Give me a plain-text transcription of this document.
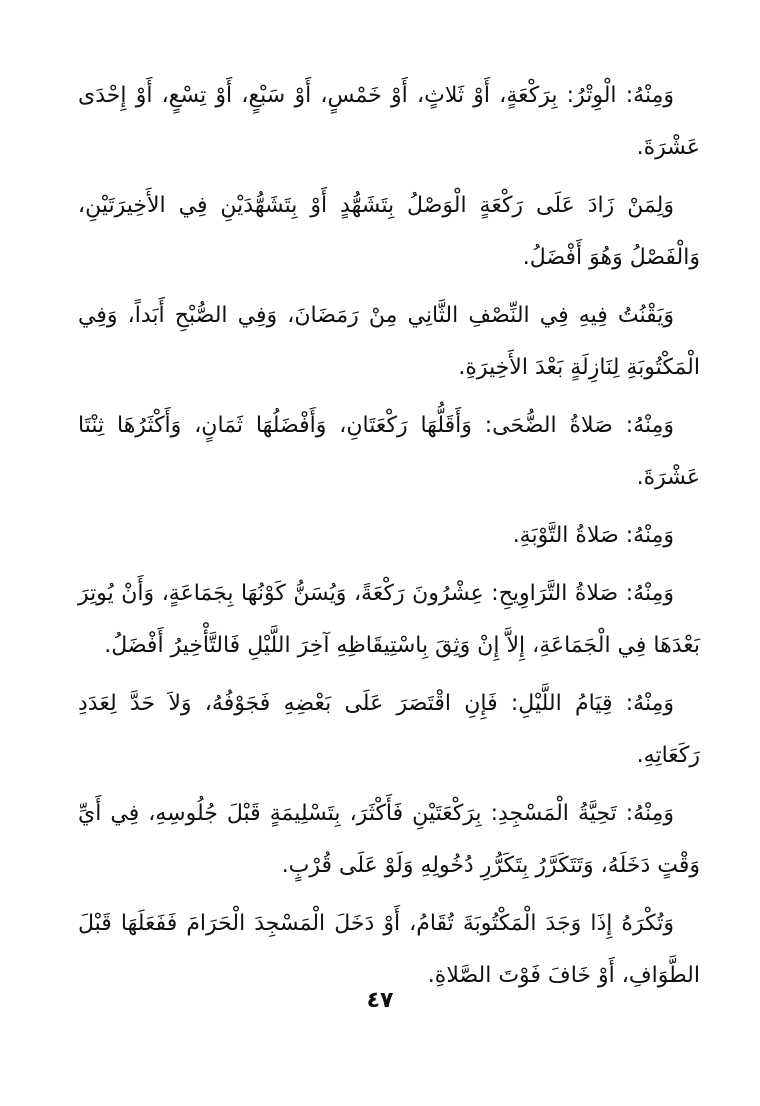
وَمِنْهُ: الْوِتْرُ: بِرَكْعَةٍ، أَوْ ثَلاثٍ، أَوْ خَمْسٍ، أَوْ سَبْعٍ، أَوْ تِسْعٍ، أَوْ إِحْدَى عَشْرَةَ.

وَلِمَنْ زَادَ عَلَى رَكْعَةٍ الْوَصْلُ بِتَشَهُّدٍ أَوْ بِتَشَهُّدَيْنِ فِي الأَخِيرَتَيْنِ، وَالْفَصْلُ وَهُوَ أَفْضَلُ.

وَيَقْنُتُ فِيهِ فِي النِّصْفِ الثَّانِي مِنْ رَمَضَانَ، وَفِي الصُّبْحِ أَبَداً، وَفِي الْمَكْتُوبَةِ لِنَازِلَةٍ بَعْدَ الأَخِيرَةِ.

وَمِنْهُ: صَلاةُ الضُّحَى: وَأَقَلُّهَا رَكْعَتَانِ، وَأَفْضَلُهَا ثَمَانٍ، وَأَكْثَرُهَا ثِنْتَا عَشْرَةَ.

وَمِنْهُ: صَلاةُ التَّوْبَةِ.

وَمِنْهُ: صَلاةُ التَّرَاوِيحِ: عِشْرُونَ رَكْعَةً، وَيُسَنُّ كَوْنُهَا بِجَمَاعَةٍ، وَأَنْ يُوتِرَ بَعْدَهَا فِي الْجَمَاعَةِ، إِلاَّ إِنْ وَثِقَ بِاسْتِيقَاظِهِ آخِرَ اللَّيْلِ فَالتَّأْخِيرُ أَفْضَلُ.

وَمِنْهُ: قِيَامُ اللَّيْلِ: فَإِنِ اقْتَصَرَ عَلَى بَعْضِهِ فَجَوْفُهُ، وَلاَ حَدَّ لِعَدَدِ رَكَعَاتِهِ.

وَمِنْهُ: تَحِيَّةُ الْمَسْجِدِ: بِرَكْعَتَيْنِ فَأَكْثَرَ، بِتَسْلِيمَةٍ قَبْلَ جُلُوسِهِ، فِي أَيِّ وَقْتٍ دَخَلَهُ، وَتَتَكَرَّرُ بِتَكَرُّرِ دُخُولِهِ وَلَوْ عَلَى قُرْبٍ.

وَتُكْرَهُ إِذَا وَجَدَ الْمَكْتُوبَةَ تُقَامُ، أَوْ دَخَلَ الْمَسْجِدَ الْحَرَامَ فَفَعَلَهَا قَبْلَ الطَّوَافِ، أَوْ خَافَ فَوْتَ الصَّلاةِ.

٤٧
